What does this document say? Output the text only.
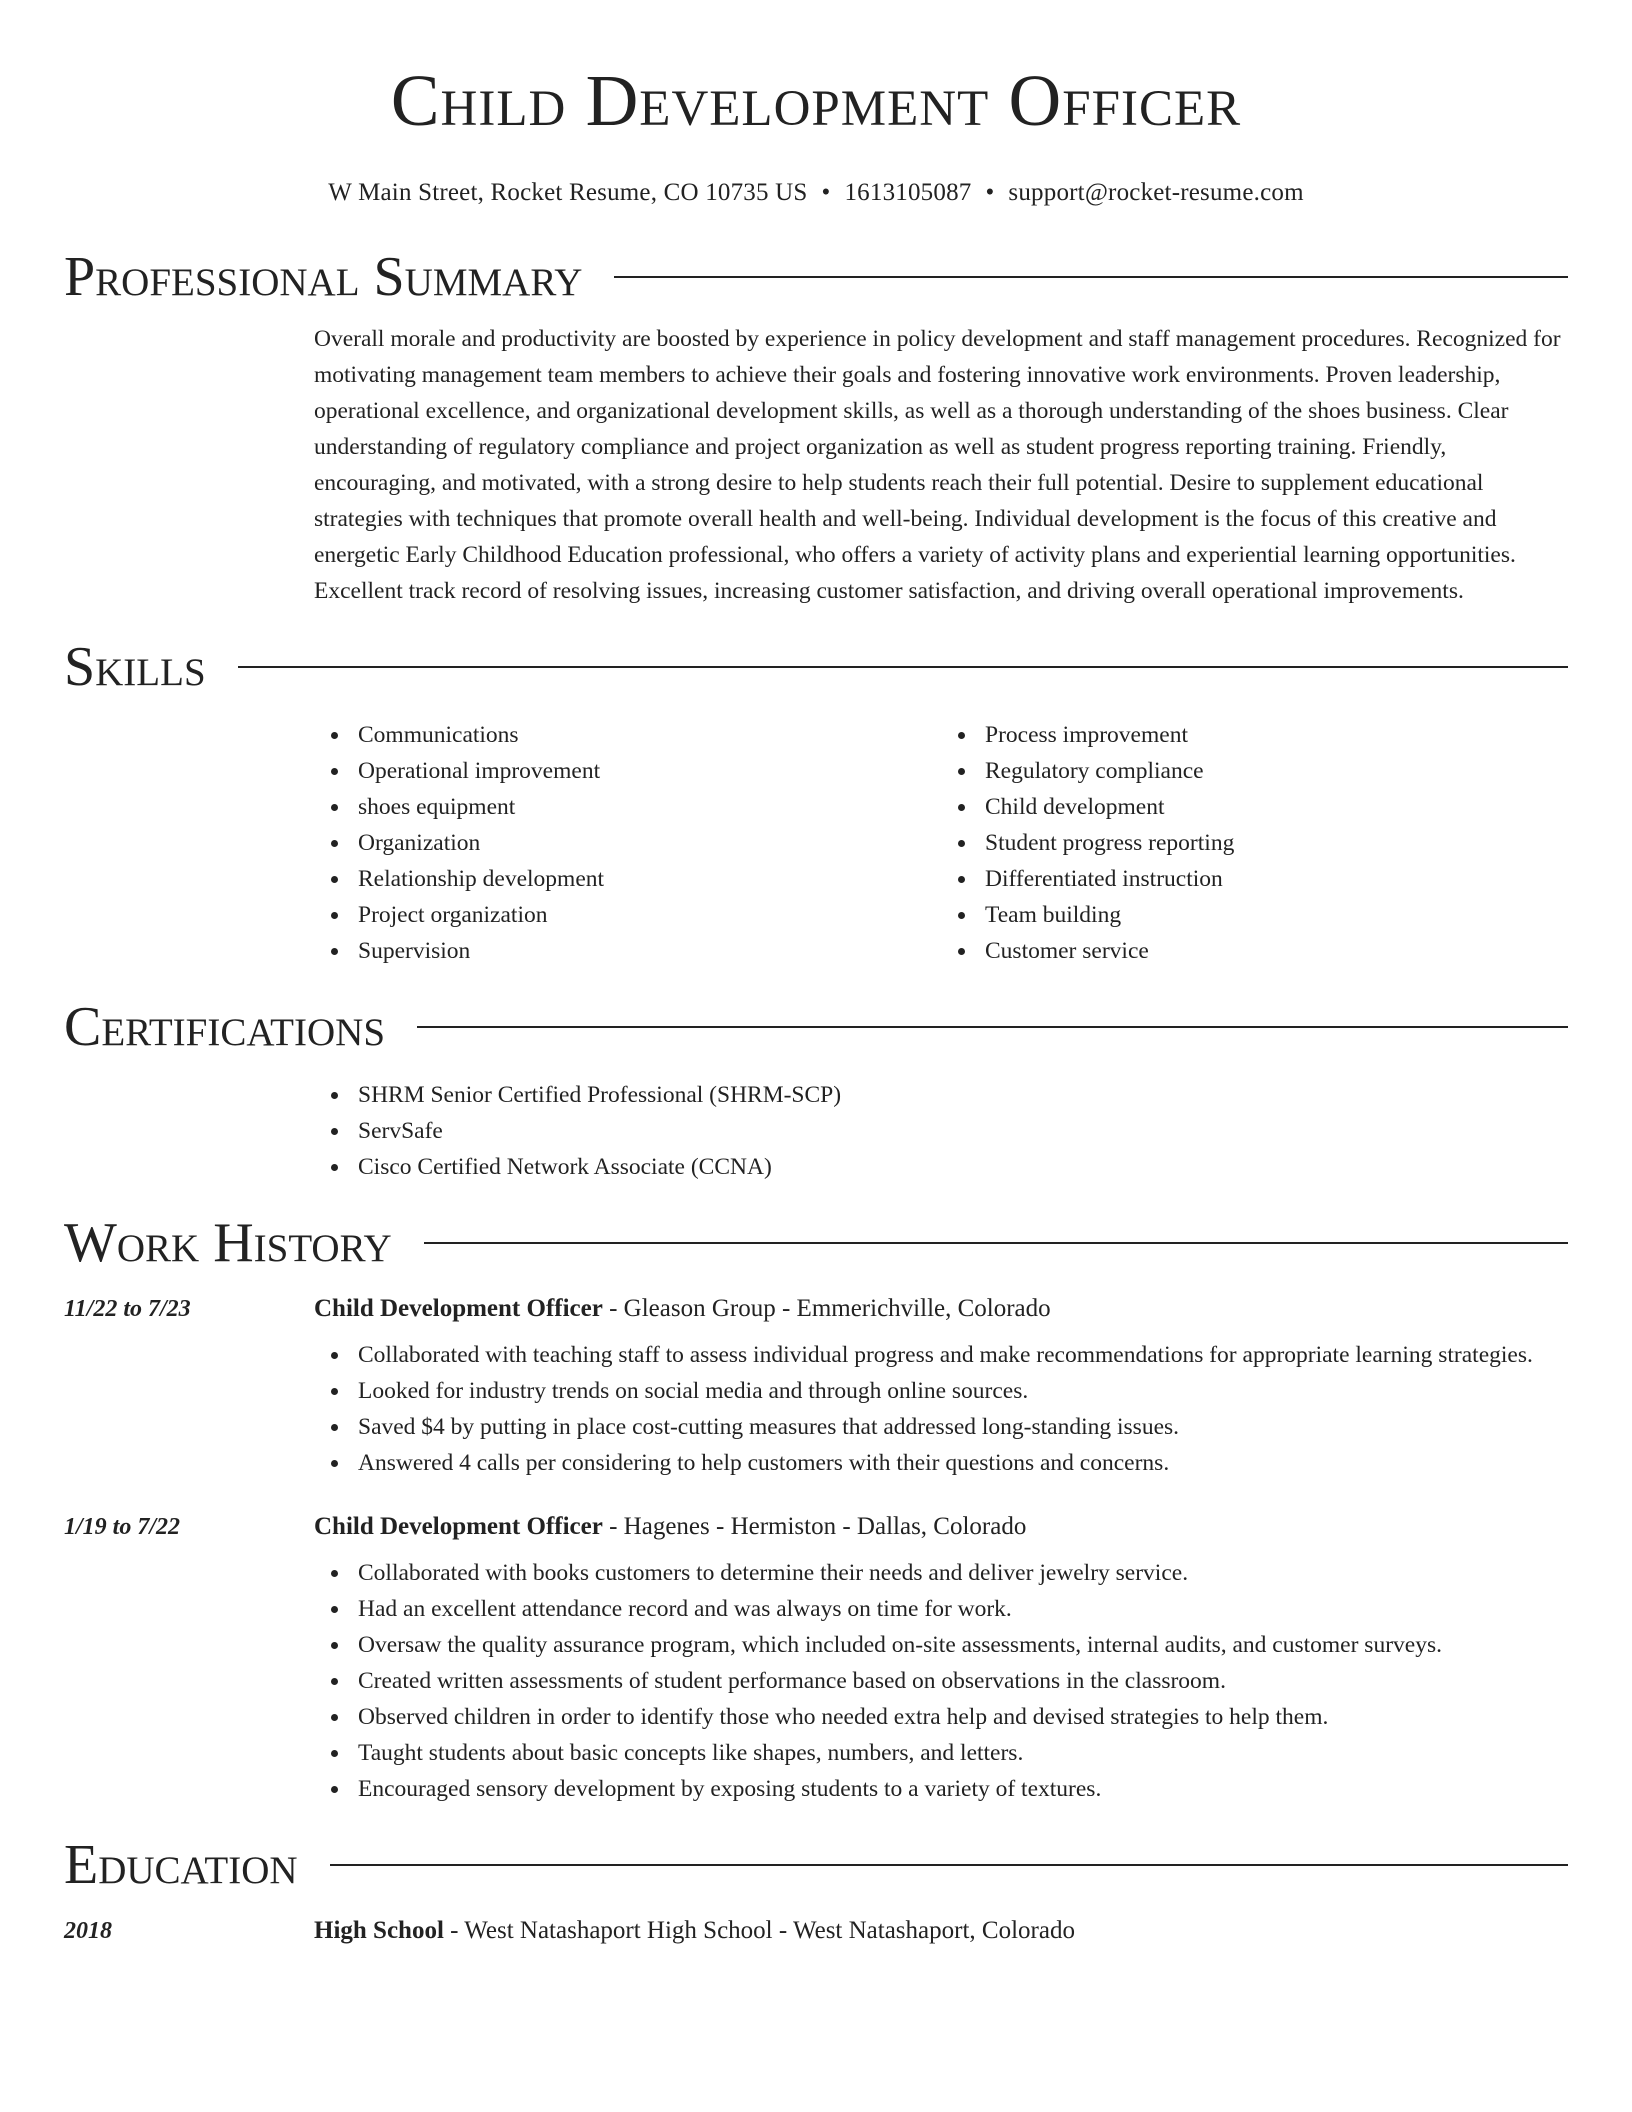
Child Development Officer
W Main Street, Rocket Resume, CO 10735 US • 1613105087 • support@rocket-resume.com
Professional Summary

Overall morale and productivity are boosted by experience in policy development and staff management procedures. Recognized for motivating management team members to achieve their goals and fostering innovative work environments. Proven leadership, operational excellence, and organizational development skills, as well as a thorough understanding of the shoes business. Clear understanding of regulatory compliance and project organization as well as student progress reporting training. Friendly, encouraging, and motivated, with a strong desire to help students reach their full potential. Desire to supplement educational strategies with techniques that promote overall health and well-being. Individual development is the focus of this creative and energetic Early Childhood Education professional, who offers a variety of activity plans and experiential learning opportunities. Excellent track record of resolving issues, increasing customer satisfaction, and driving overall operational improvements.

Skills
Communications
Operational improvement
shoes equipment
Organization
Relationship development
Project organization
Supervision
Process improvement
Regulatory compliance
Child development
Student progress reporting
Differentiated instruction
Team building
Customer service
Certifications
SHRM Senior Certified Professional (SHRM-SCP)
ServSafe
Cisco Certified Network Associate (CCNA)
Work History
11/22 to 7/23	Child Development Officer - Gleason Group - Emmerichville, Colorado
Collaborated with teaching staff to assess individual progress and make recommendations for appropriate learning strategies.
Looked for industry trends on social media and through online sources.
Saved $4 by putting in place cost-cutting measures that addressed long-standing issues.
Answered 4 calls per considering to help customers with their questions and concerns.
1/19 to 7/22	Child Development Officer - Hagenes - Hermiston - Dallas, Colorado
Collaborated with books customers to determine their needs and deliver jewelry service.
Had an excellent attendance record and was always on time for work.
Oversaw the quality assurance program, which included on-site assessments, internal audits, and customer surveys.
Created written assessments of student performance based on observations in the classroom.
Observed children in order to identify those who needed extra help and devised strategies to help them.
Taught students about basic concepts like shapes, numbers, and letters.
Encouraged sensory development by exposing students to a variety of textures.
Education
2018	High School - West Natashaport High School - West Natashaport, Colorado
